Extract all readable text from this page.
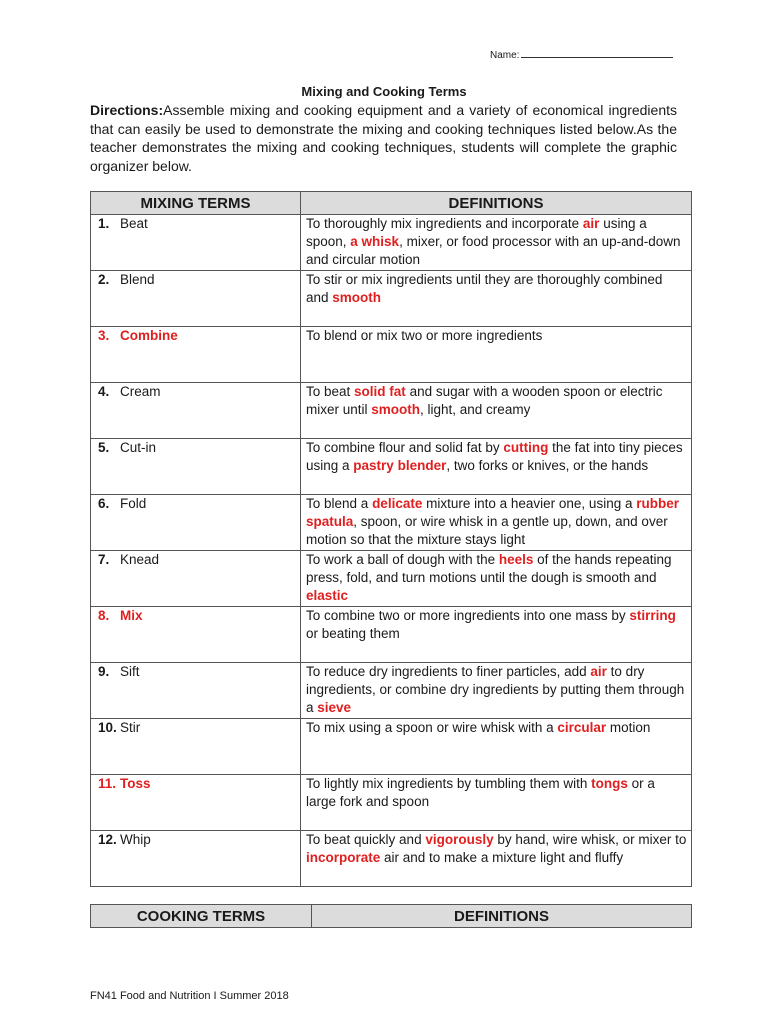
Name:
Mixing and Cooking Terms
Directions:Assemble mixing and cooking equipment and a variety of economical ingredients that can easily be used to demonstrate the mixing and cooking techniques listed below.As the teacher demonstrates the mixing and cooking techniques, students will complete the graphic organizer below.
MIXING TERMS	DEFINITIONS
1. Beat	To thoroughly mix ingredients and incorporate air using a spoon, a whisk, mixer, or food processor with an up-and-down and circular motion
2. Blend	To stir or mix ingredients until they are thoroughly combined and smooth
3. Combine	To blend or mix two or more ingredients
4. Cream	To beat solid fat and sugar with a wooden spoon or electric mixer until smooth, light, and creamy
5. Cut-in	To combine flour and solid fat by cutting the fat into tiny pieces using a pastry blender, two forks or knives, or the hands
6. Fold	To blend a delicate mixture into a heavier one, using a rubber spatula, spoon, or wire whisk in a gentle up, down, and over motion so that the mixture stays light
7. Knead	To work a ball of dough with the heels of the hands repeating press, fold, and turn motions until the dough is smooth and elastic
8. Mix	To combine two or more ingredients into one mass by stirring or beating them
9. Sift	To reduce dry ingredients to finer particles, add air to dry ingredients, or combine dry ingredients by putting them through a sieve
10. Stir	To mix using a spoon or wire whisk with a circular motion
11. Toss	To lightly mix ingredients by tumbling them with tongs or a large fork and spoon
12. Whip	To beat quickly and vigorously by hand, wire whisk, or mixer to incorporate air and to make a mixture light and fluffy
COOKING TERMS	DEFINITIONS
FN41 Food and Nutrition I Summer 2018
